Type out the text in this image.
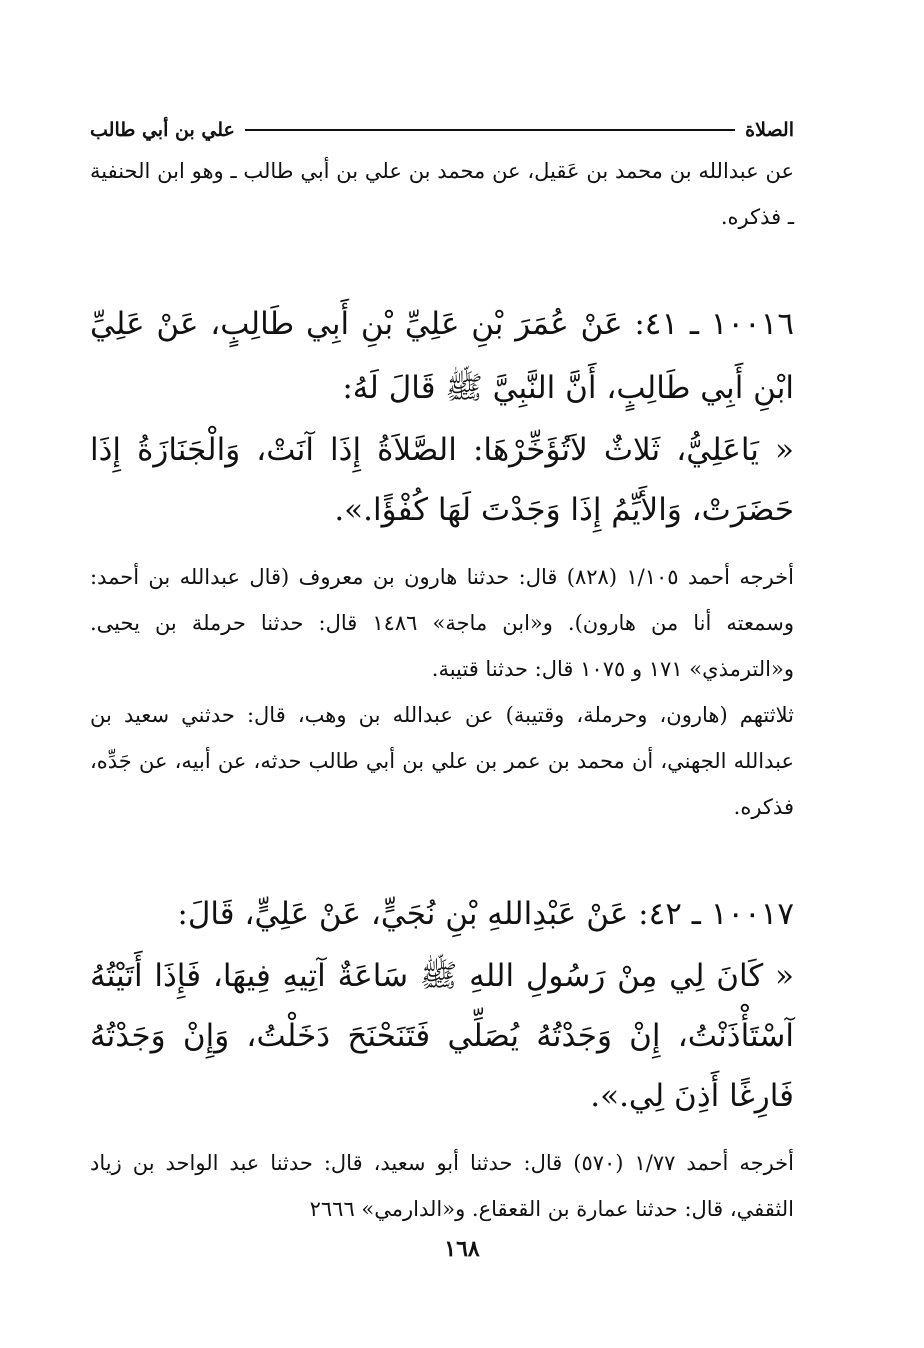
الصلاة
علي بن أبي طالب

عن عبدالله بن محمد بن عَقيل، عن محمد بن علي بن أبي طالب ـ وهو ابن الحنفية ـ فذكره.

١٠٠١٦ ـ ٤١: عَنْ عُمَرَ بْنِ عَلِيِّ بْنِ أَبِي طَالِبٍ، عَنْ عَلِيِّ ابْنِ أَبِي طَالِبٍ، أَنَّ النَّبِيَّ ﷺ قَالَ لَهُ:

« يَاعَلِيُّ، ثَلاثٌ لاَتُؤَخِّرْهَا: الصَّلاَةُ إِذَا آنَتْ، وَالْجَنَازَةُ إِذَا حَضَرَتْ، وَالأَيِّمُ إِذَا وَجَدْتَ لَهَا كُفْؤًا.».

أخرجه أحمد ١/١٠٥ (٨٢٨) قال: حدثنا هارون بن معروف (قال عبدالله بن أحمد: وسمعته أنا من هارون). و«ابن ماجة» ١٤٨٦ قال: حدثنا حرملة بن يحيى. و«الترمذي» ١٧١ و ١٠٧٥ قال: حدثنا قتيبة.

ثلاثتهم (هارون، وحرملة، وقتيبة) عن عبدالله بن وهب، قال: حدثني سعيد بن عبدالله الجهني، أن محمد بن عمر بن علي بن أبي طالب حدثه، عن أبيه، عن جَدِّه، فذكره.

١٠٠١٧ ـ ٤٢: عَنْ عَبْدِاللهِ بْنِ نُجَيٍّ، عَنْ عَلِيٍّ، قَالَ:

« كَانَ لِي مِنْ رَسُولِ اللهِ ﷺ سَاعَةٌ آتِيهِ فِيهَا، فَإِذَا أَتَيْتُهُ آسْتَأْذَنْتُ، إِنْ وَجَدْتُهُ يُصَلِّي فَتَنَحْنَحَ دَخَلْتُ، وَإِنْ وَجَدْتُهُ فَارِغًا أَذِنَ لِي.».

أخرجه أحمد ١/٧٧ (٥٧٠) قال: حدثنا أبو سعيد، قال: حدثنا عبد الواحد بن زياد الثقفي، قال: حدثنا عمارة بن القعقاع. و«الدارمي» ٢٦٦٦

١٦٨
